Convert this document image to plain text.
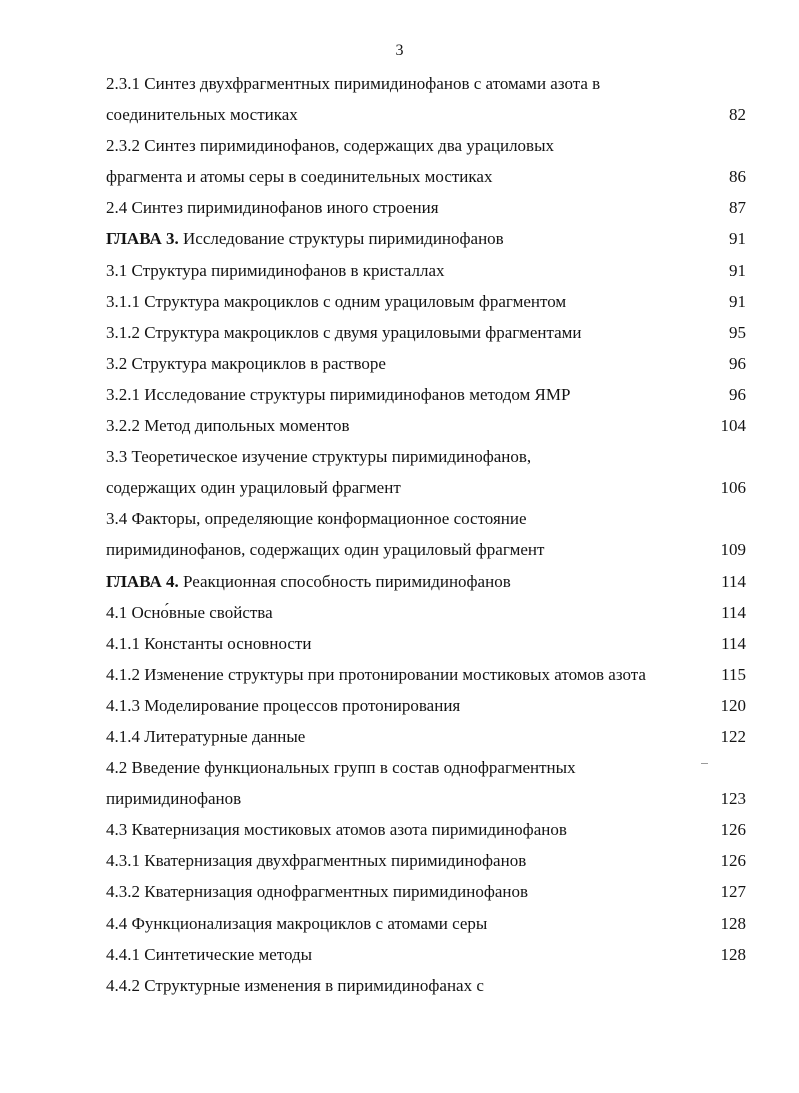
3
2.3.1 Синтез двухфрагментных пиримидинофанов с атомами азота в
соединительных мостиках	82
2.3.2 Синтез пиримидинофанов, содержащих два урациловых
фрагмента и атомы серы в соединительных мостиках	86
2.4 Синтез пиримидинофанов иного строения	87
ГЛАВА 3. Исследование структуры пиримидинофанов	91
3.1 Структура пиримидинофанов в кристаллах	91
3.1.1 Структура макроциклов с одним урациловым фрагментом	91
3.1.2 Структура макроциклов с двумя урациловыми фрагментами	95
3.2 Структура макроциклов в растворе	96
3.2.1 Исследование структуры пиримидинофанов методом ЯМР	96
3.2.2 Метод дипольных моментов	104
3.3 Теоретическое изучение структуры пиримидинофанов,
содержащих один урациловый фрагмент	106
3.4 Факторы, определяющие конформационное состояние
пиримидинофанов, содержащих один урациловый фрагмент	109
ГЛАВА 4. Реакционная способность пиримидинофанов	114
4.1 Осно́вные свойства	114
4.1.1 Константы основности	114
4.1.2 Изменение структуры при протонировании мостиковых атомов азота	115
4.1.3 Моделирование процессов протонирования	120
4.1.4 Литературные данные	122
4.2 Введение функциональных групп в состав однофрагментных
пиримидинофанов	123
4.3 Кватернизация мостиковых атомов азота пиримидинофанов	126
4.3.1 Кватернизация двухфрагментных пиримидинофанов	126
4.3.2 Кватернизация однофрагментных пиримидинофанов	127
4.4 Функционализация макроциклов с атомами серы	128
4.4.1 Синтетические методы	128
4.4.2 Структурные изменения в пиримидинофанах с
